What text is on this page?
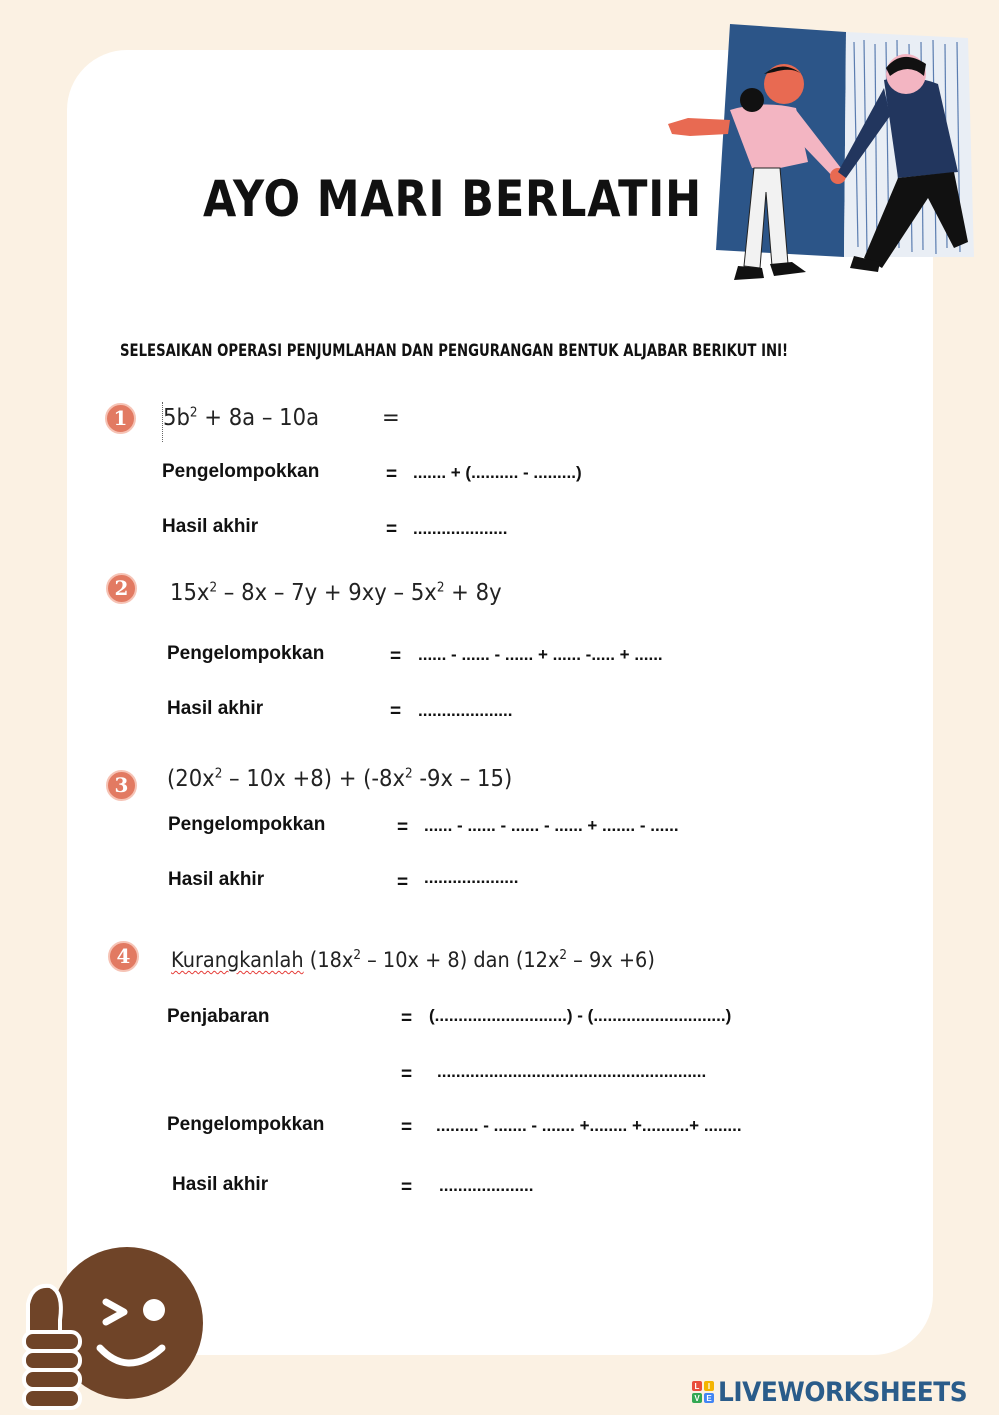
AYO MARI BERLATIH
SELESAIKAN OPERASI PENJUMLAHAN DAN PENGURANGAN BENTUK ALJABAR BERIKUT INI!
1	$5b^2 + 8a - 10a$	=
Pengelompokkan	= ....... + (.......... - .........)
Hasil akhir	= ....................
2	$15x^2 - 8x - 7y + 9xy - 5x^2 + 8y$
Pengelompokkan	= ...... - ...... - ...... + ...... -..... + ......
Hasil akhir	= ....................
3	$(20x^2 - 10x +8) + (-8x^2$ -9x – 15)
Pengelompokkan	= ...... - ...... - ...... - ...... + ....... - ......
Hasil akhir	= ....................
4	Kurangkanlah $(18x^2 - 10x + 8)$ dan $(12x^2 - 9x +6)$
Penjabaran	= (............................) - (............................)
= .........................................................
Pengelompokkan	= ......... - ....... - ....... +........ +..........+ ........
Hasil akhir	= ....................
L I
V E LIVEWORKSHEETS
